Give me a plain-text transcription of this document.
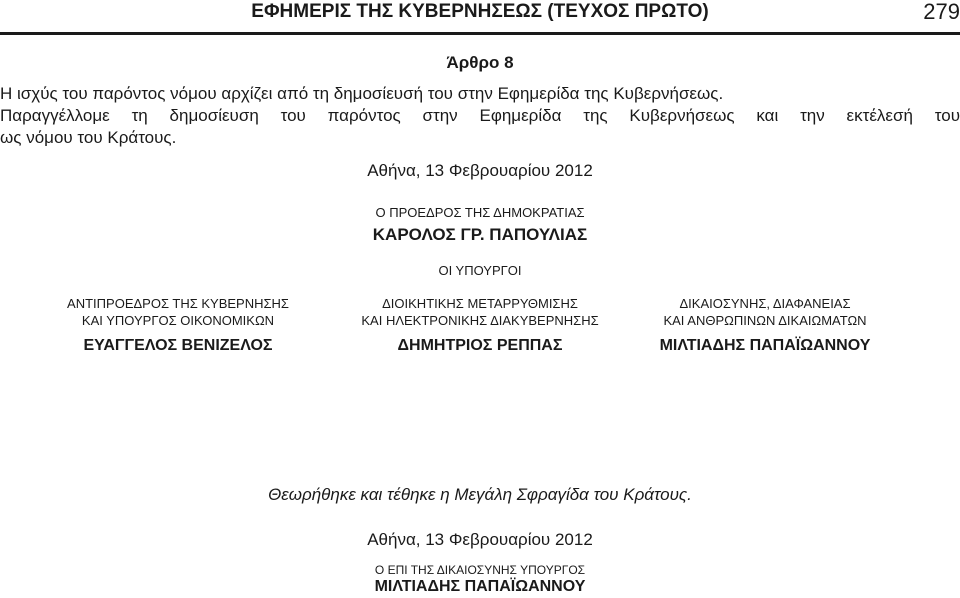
ΕΦΗΜΕΡΙΣ ΤΗΣ ΚΥΒΕΡΝΗΣΕΩΣ (ΤΕΥΧΟΣ ΠΡΩΤΟ)	279
Άρθρο 8
Η ισχύς του παρόντος νόμου αρχίζει από τη δημοσίευσή του στην Εφημερίδα της Κυβερνήσεως.
Παραγγέλλομε τη δημοσίευση του παρόντος στην Εφημερίδα της Κυβερνήσεως και την εκτέλεσή του
ως νόμου του Κράτους.
Αθήνα, 13 Φεβρουαρίου 2012
Ο ΠΡΟΕΔΡΟΣ ΤΗΣ ΔΗΜΟΚΡΑΤΙΑΣ
ΚΑΡΟΛΟΣ ΓΡ. ΠΑΠΟΥΛΙΑΣ
ΟΙ ΥΠΟΥΡΓΟΙ
ΑΝΤΙΠΡΟΕΔΡΟΣ ΤΗΣ ΚΥΒΕΡΝΗΣΗΣ
ΚΑΙ ΥΠΟΥΡΓΟΣ ΟΙΚΟΝΟΜΙΚΩΝ
ΕΥΑΓΓΕΛΟΣ ΒΕΝΙΖΕΛΟΣ
ΔΙΟΙΚΗΤΙΚΗΣ ΜΕΤΑΡΡΥΘΜΙΣΗΣ
ΚΑΙ ΗΛΕΚΤΡΟΝΙΚΗΣ ΔΙΑΚΥΒΕΡΝΗΣΗΣ
ΔΗΜΗΤΡΙΟΣ ΡΕΠΠΑΣ
ΔΙΚΑΙΟΣΥΝΗΣ, ΔΙΑΦΑΝΕΙΑΣ
ΚΑΙ ΑΝΘΡΩΠΙΝΩΝ ΔΙΚΑΙΩΜΑΤΩΝ
ΜΙΛΤΙΑΔΗΣ ΠΑΠΑΪΩΑΝΝΟΥ
Θεωρήθηκε και τέθηκε η Μεγάλη Σφραγίδα του Κράτους.
Αθήνα, 13 Φεβρουαρίου 2012
Ο ΕΠΙ ΤΗΣ ΔΙΚΑΙΟΣΥΝΗΣ ΥΠΟΥΡΓΟΣ
ΜΙΛΤΙΑΔΗΣ ΠΑΠΑΪΩΑΝΝΟΥ
